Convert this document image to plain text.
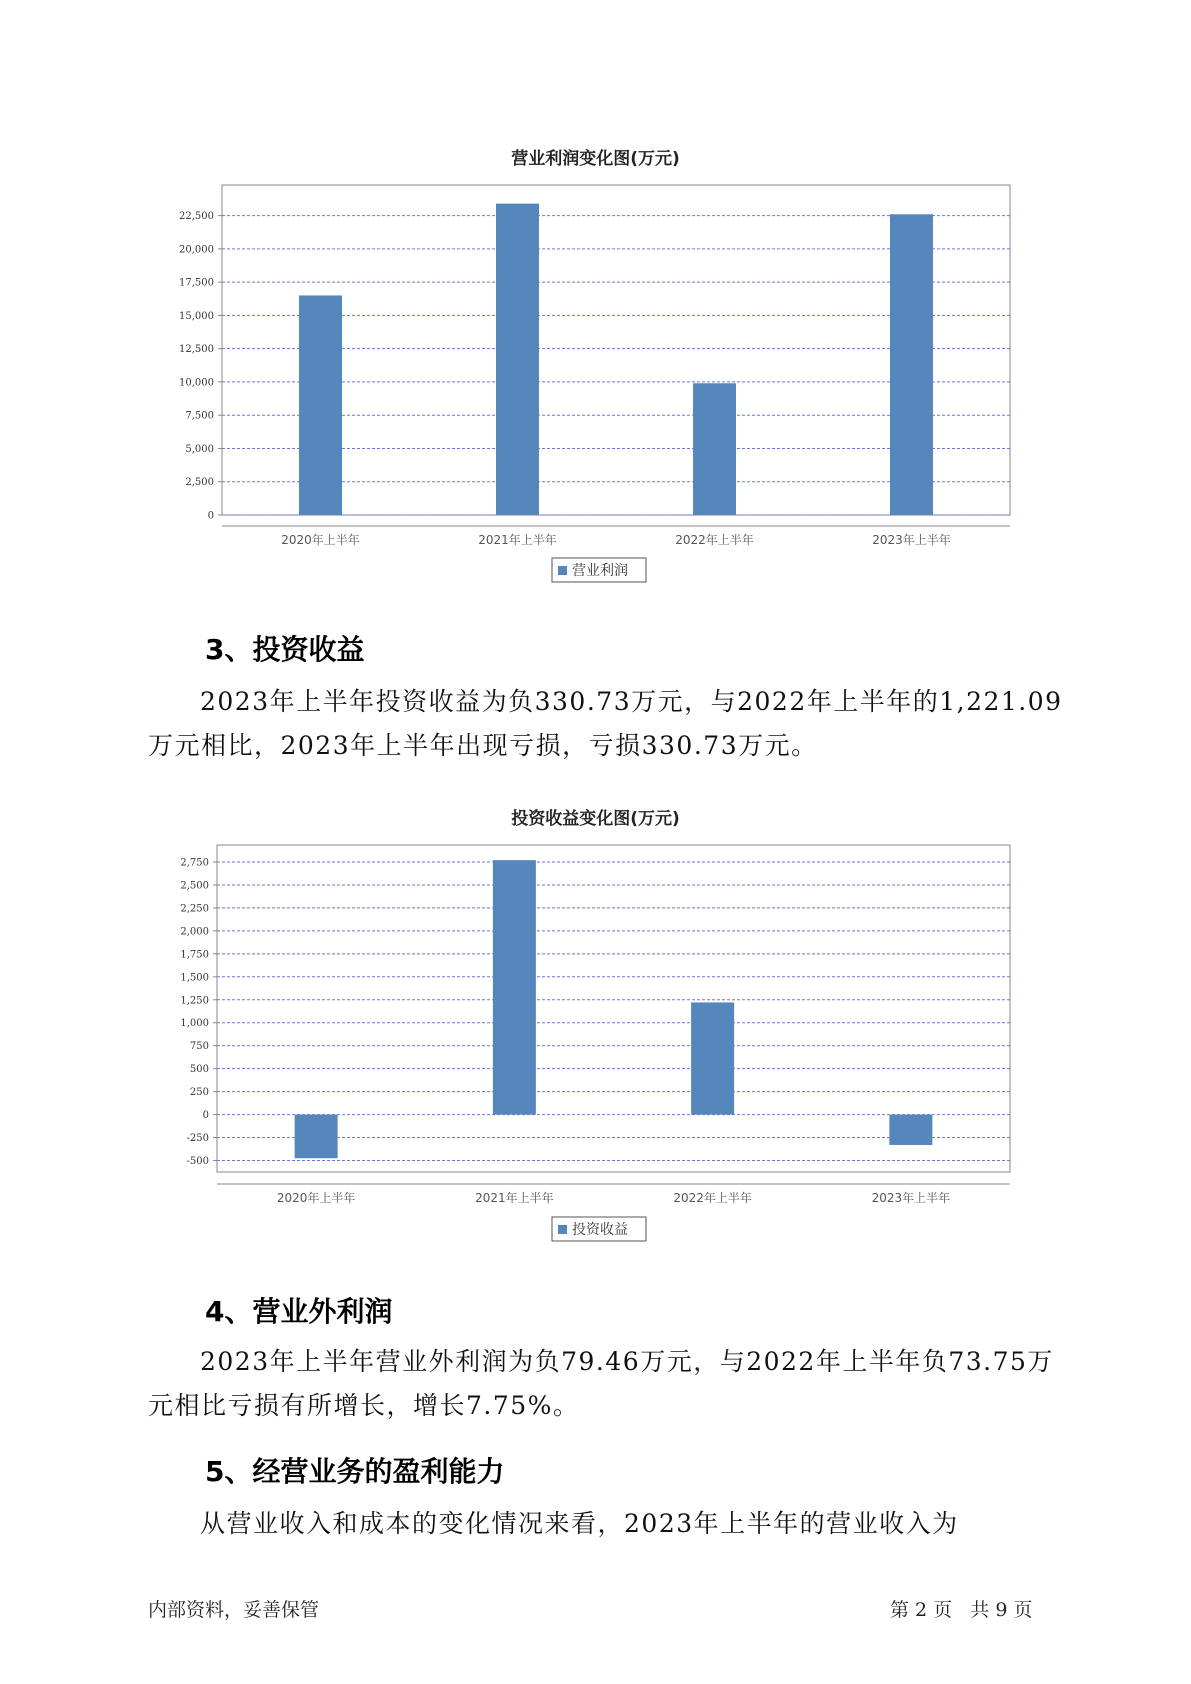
营业利润变化图(万元)
0
2,500
5,000
7,500
10,000
12,500
15,000
17,500
20,000
22,500
2020年上半年	2021年上半年	2022年上半年	2023年上半年
营业利润
3、投资收益
2023年上半年投资收益为负330.73万元，与2022年上半年的1,221.09
万元相比，2023年上半年出现亏损，亏损330.73万元。
投资收益变化图(万元)
-500
-250
0
250
500
750
1,000
1,250
1,500
1,750
2,000
2,250
2,500
2,750
2020年上半年	2021年上半年	2022年上半年	2023年上半年
投资收益
4、营业外利润
2023年上半年营业外利润为负79.46万元，与2022年上半年负73.75万
元相比亏损有所增长，增长7.75%。
5、经营业务的盈利能力
从营业收入和成本的变化情况来看，2023年上半年的营业收入为
内部资料，妥善保管	第 2 页   共 9 页
